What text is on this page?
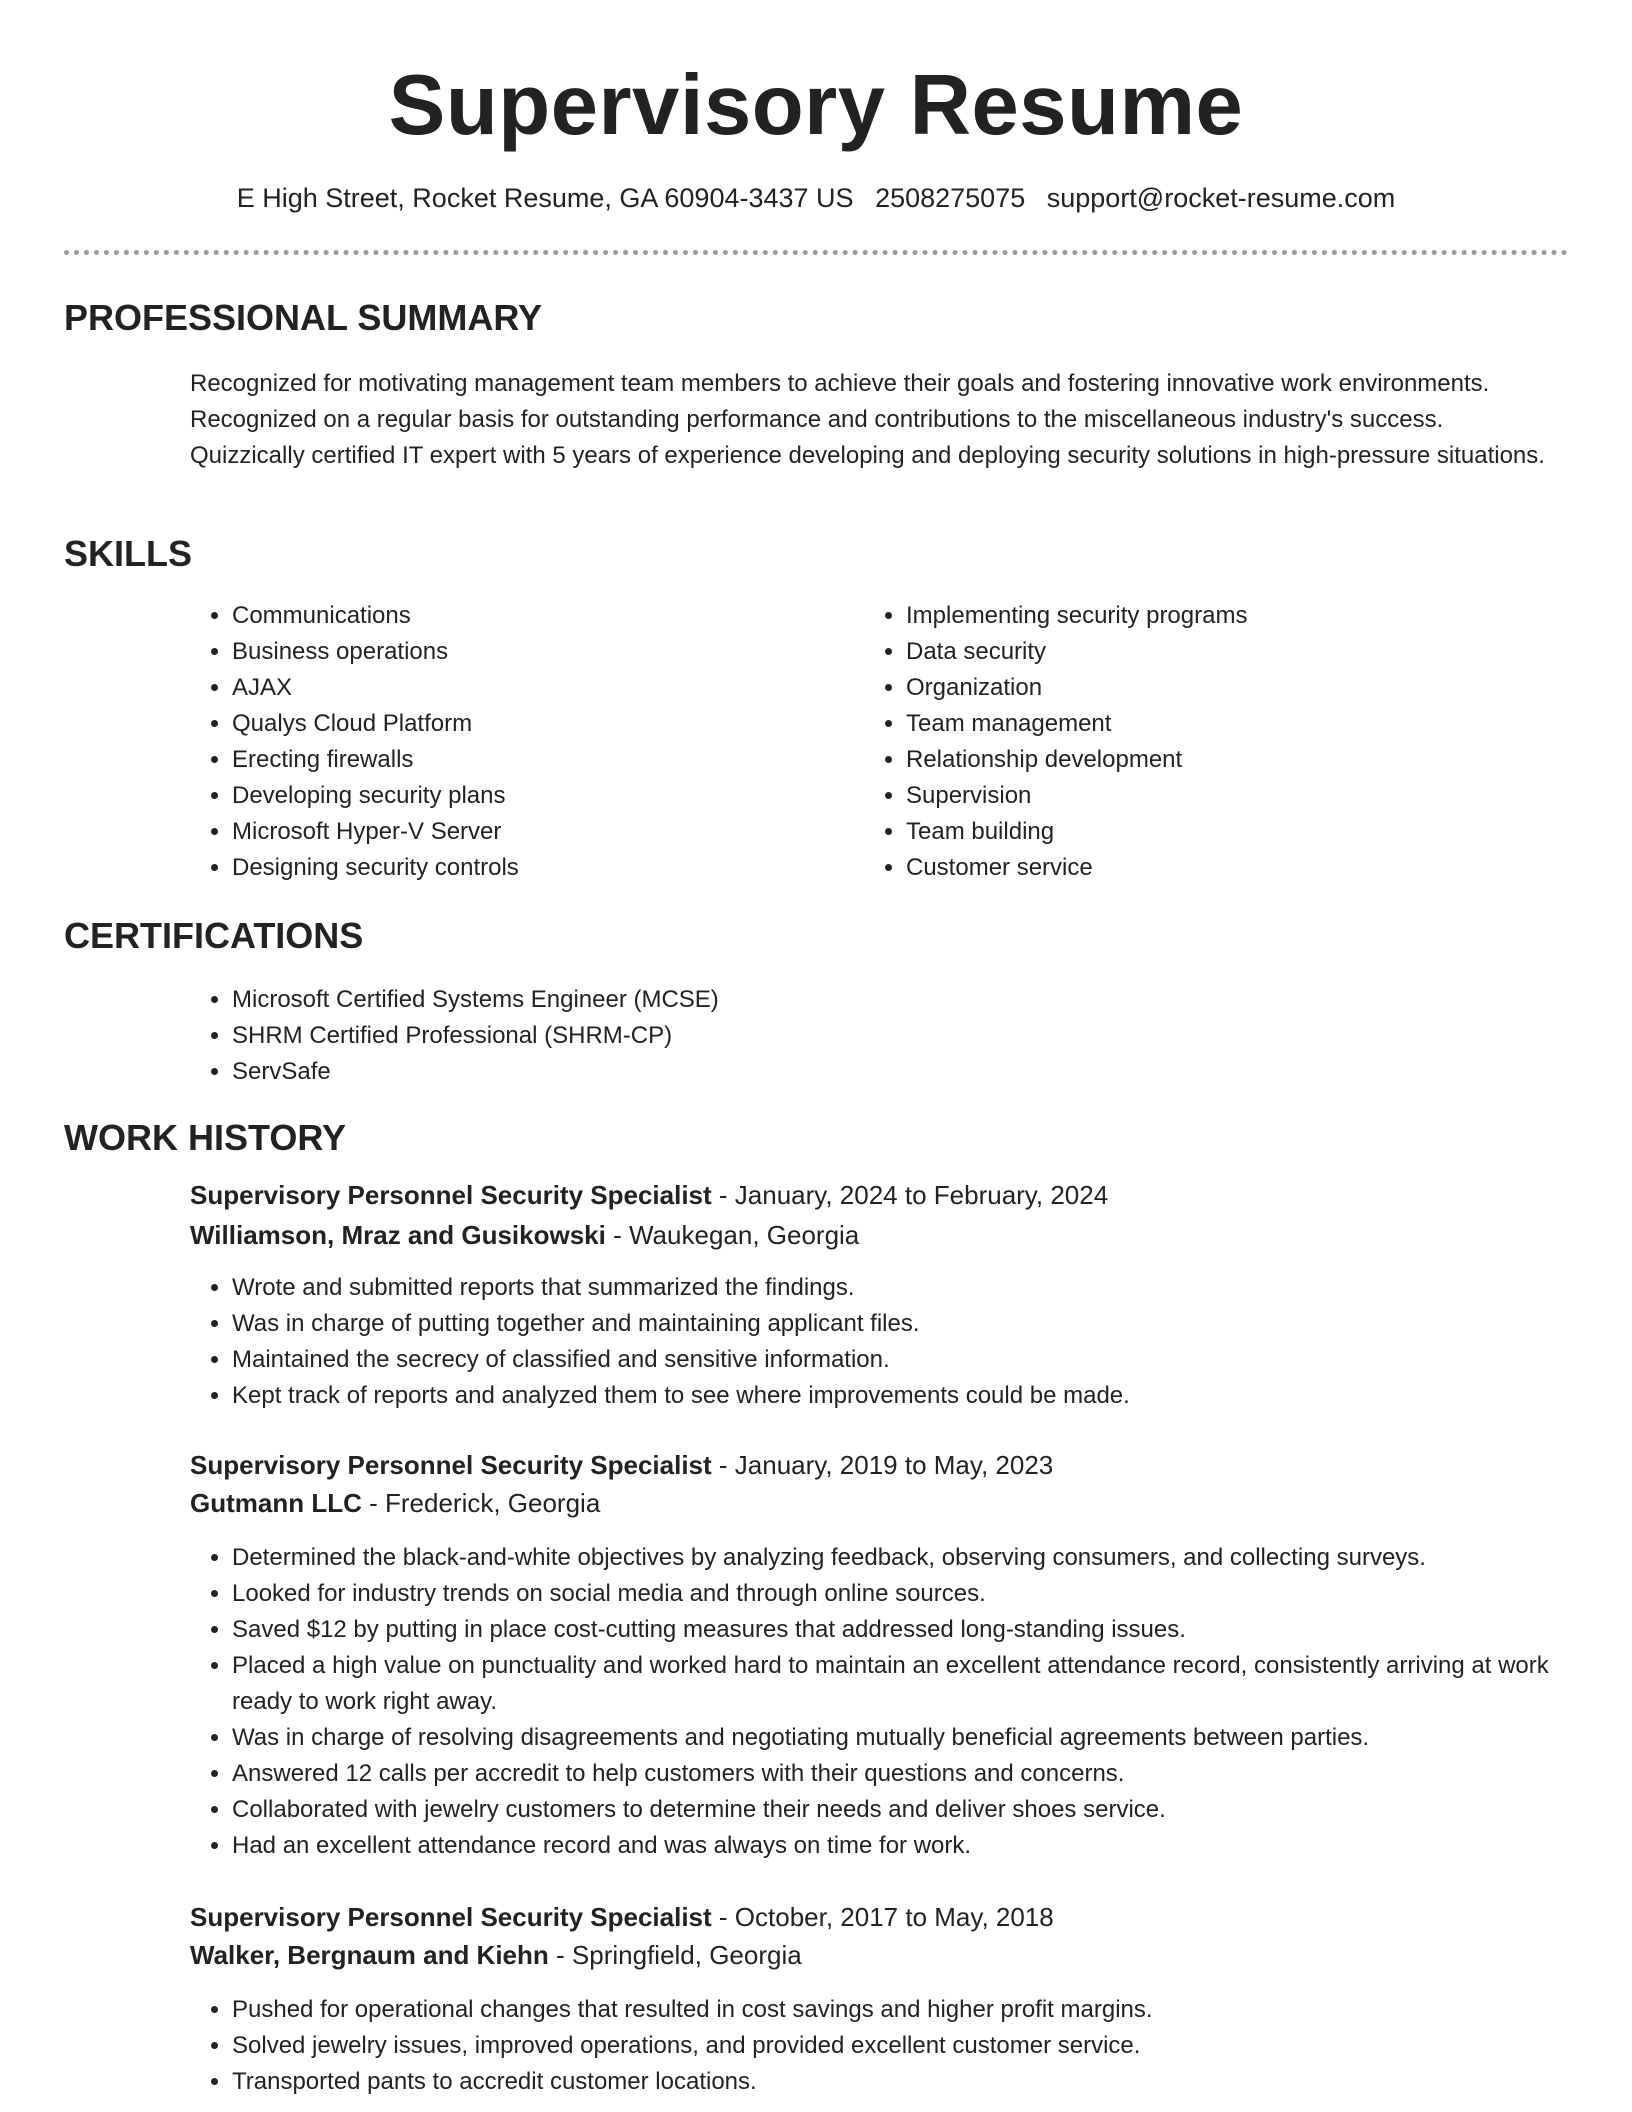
Supervisory Resume
E High Street, Rocket Resume, GA 60904-3437 US 2508275075 support@rocket-resume.com
PROFESSIONAL SUMMARY

Recognized for motivating management team members to achieve their goals and fostering innovative work environments. Recognized on a regular basis for outstanding performance and contributions to the miscellaneous industry's success. Quizzically certified IT expert with 5 years of experience developing and deploying security solutions in high-pressure situations.

SKILLS
• Communications
• Business operations
• AJAX
• Qualys Cloud Platform
• Erecting firewalls
• Developing security plans
• Microsoft Hyper-V Server
• Designing security controls
• Implementing security programs
• Data security
• Organization
• Team management
• Relationship development
• Supervision
• Team building
• Customer service
CERTIFICATIONS
• Microsoft Certified Systems Engineer (MCSE)
• SHRM Certified Professional (SHRM-CP)
• ServSafe
WORK HISTORY
Supervisory Personnel Security Specialist - January, 2024 to February, 2024
Williamson, Mraz and Gusikowski - Waukegan, Georgia
• Wrote and submitted reports that summarized the findings.
• Was in charge of putting together and maintaining applicant files.
• Maintained the secrecy of classified and sensitive information.
• Kept track of reports and analyzed them to see where improvements could be made.
Supervisory Personnel Security Specialist - January, 2019 to May, 2023
Gutmann LLC - Frederick, Georgia
• Determined the black-and-white objectives by analyzing feedback, observing consumers, and collecting surveys.
• Looked for industry trends on social media and through online sources.
• Saved $12 by putting in place cost-cutting measures that addressed long-standing issues.
• Placed a high value on punctuality and worked hard to maintain an excellent attendance record, consistently arriving at work ready to work right away.
• Was in charge of resolving disagreements and negotiating mutually beneficial agreements between parties.
• Answered 12 calls per accredit to help customers with their questions and concerns.
• Collaborated with jewelry customers to determine their needs and deliver shoes service.
• Had an excellent attendance record and was always on time for work.
Supervisory Personnel Security Specialist - October, 2017 to May, 2018
Walker, Bergnaum and Kiehn - Springfield, Georgia
• Pushed for operational changes that resulted in cost savings and higher profit margins.
• Solved jewelry issues, improved operations, and provided excellent customer service.
• Transported pants to accredit customer locations.
